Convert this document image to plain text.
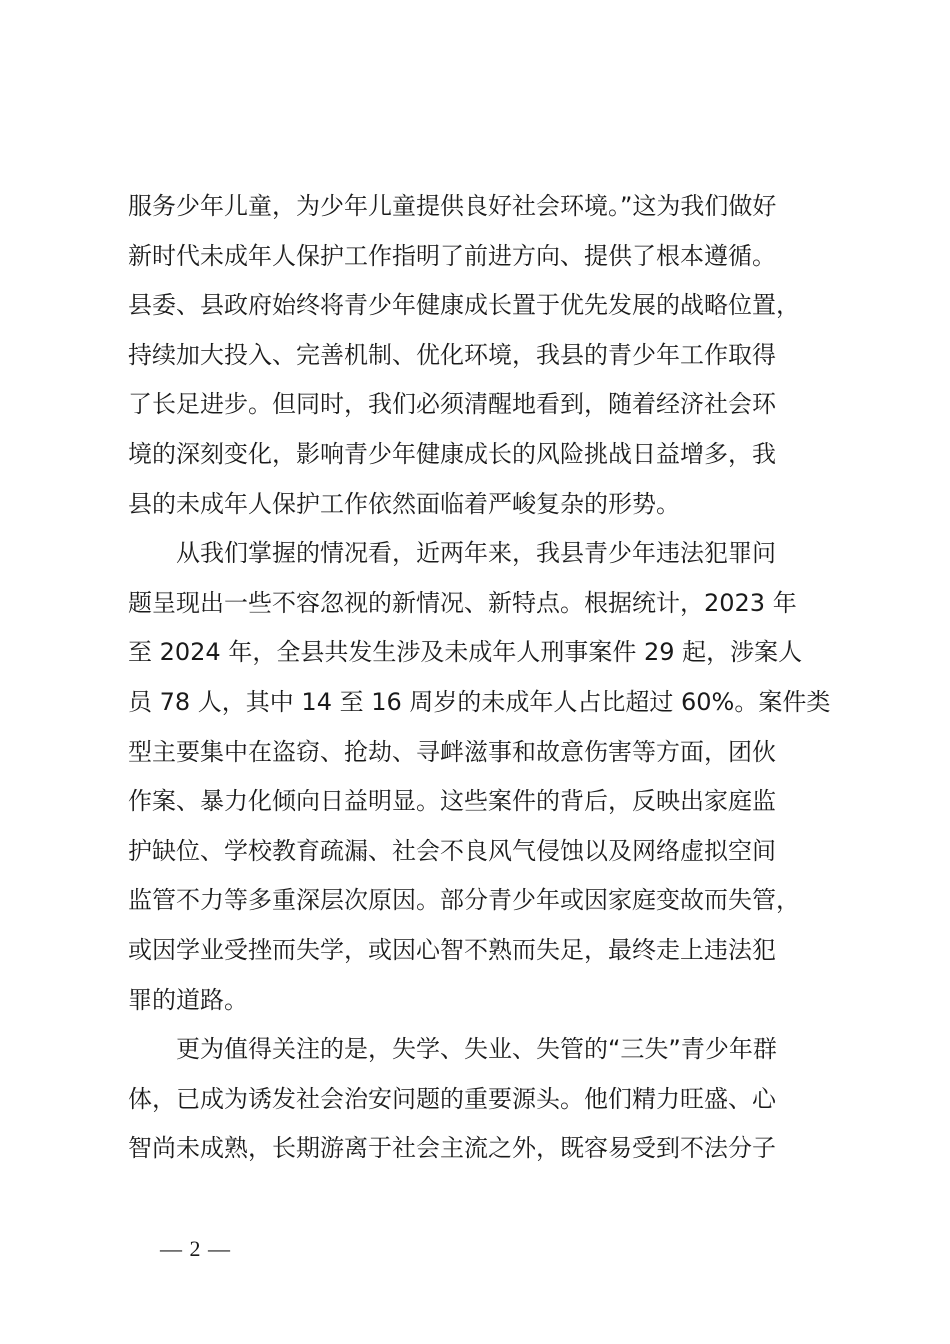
服务少年儿童，为少年儿童提供良好社会环境。”这为我们做好
新时代未成年人保护工作指明了前进方向、提供了根本遵循。
县委、县政府始终将青少年健康成长置于优先发展的战略位置，
持续加大投入、完善机制、优化环境，我县的青少年工作取得
了长足进步。但同时，我们必须清醒地看到，随着经济社会环
境的深刻变化，影响青少年健康成长的风险挑战日益增多，我
县的未成年人保护工作依然面临着严峻复杂的形势。
　　从我们掌握的情况看，近两年来，我县青少年违法犯罪问
题呈现出一些不容忽视的新情况、新特点。根据统计，2023 年
至 2024 年，全县共发生涉及未成年人刑事案件 29 起，涉案人
员 78 人，其中 14 至 16 周岁的未成年人占比超过 60%。案件类
型主要集中在盗窃、抢劫、寻衅滋事和故意伤害等方面，团伙
作案、暴力化倾向日益明显。这些案件的背后，反映出家庭监
护缺位、学校教育疏漏、社会不良风气侵蚀以及网络虚拟空间
监管不力等多重深层次原因。部分青少年或因家庭变故而失管，
或因学业受挫而失学，或因心智不熟而失足，最终走上违法犯
罪的道路。
　　更为值得关注的是，失学、失业、失管的“三失”青少年群
体，已成为诱发社会治安问题的重要源头。他们精力旺盛、心
智尚未成熟，长期游离于社会主流之外，既容易受到不法分子
— 2 —
